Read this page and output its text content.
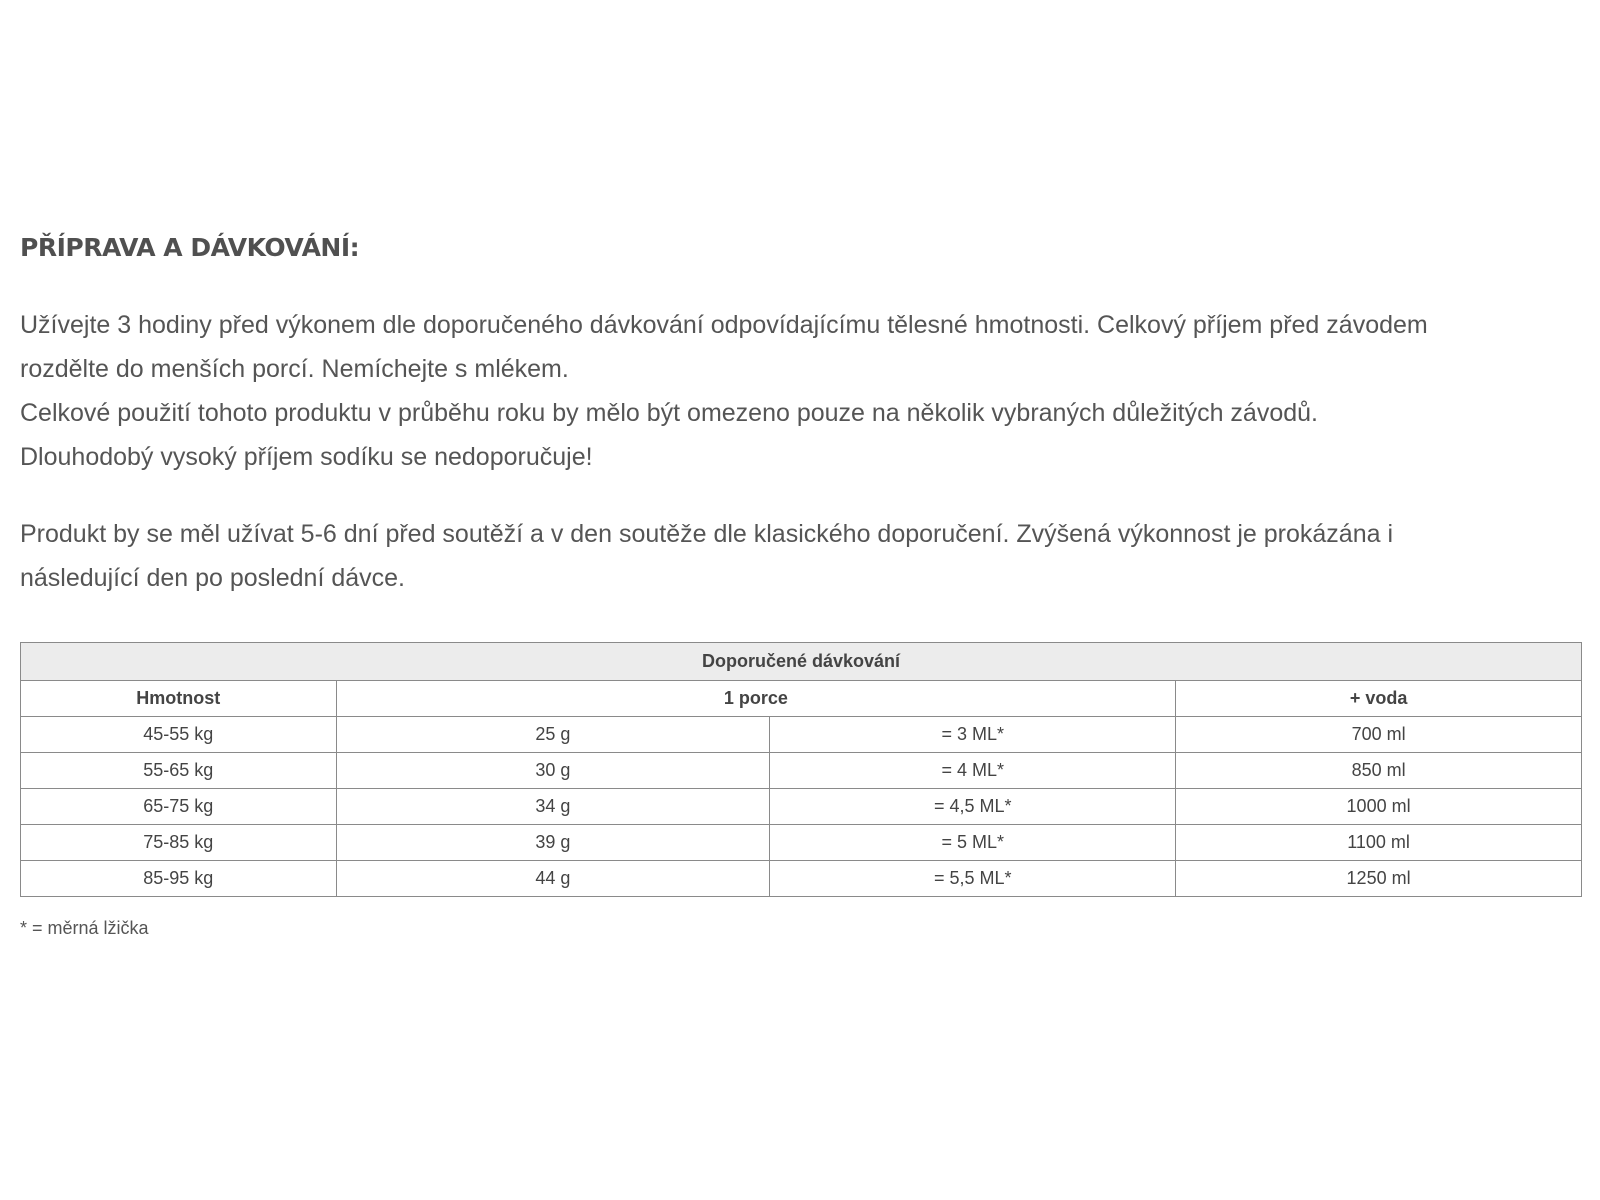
PŘÍPRAVA A DÁVKOVÁNÍ:

Užívejte 3 hodiny před výkonem dle doporučeného dávkování odpovídajícímu tělesné hmotnosti. Celkový příjem před závodem

rozdělte do menších porcí. Nemíchejte s mlékem.

Celkové použití tohoto produktu v průběhu roku by mělo být omezeno pouze na několik vybraných důležitých závodů.

Dlouhodobý vysoký příjem sodíku se nedoporučuje!

Produkt by se měl užívat 5-6 dní před soutěží a v den soutěže dle klasického doporučení. Zvýšená výkonnost je prokázána i

následující den po poslední dávce.

Doporučené dávkování			
Hmotnost	1 porce		+ voda
45-55 kg	25 g	= 3 ML*	700 ml
55-65 kg	30 g	= 4 ML*	850 ml
65-75 kg	34 g	= 4,5 ML*	1000 ml
75-85 kg	39 g	= 5 ML*	1100 ml
85-95 kg	44 g	= 5,5 ML*	1250 ml
* = měrná lžička
